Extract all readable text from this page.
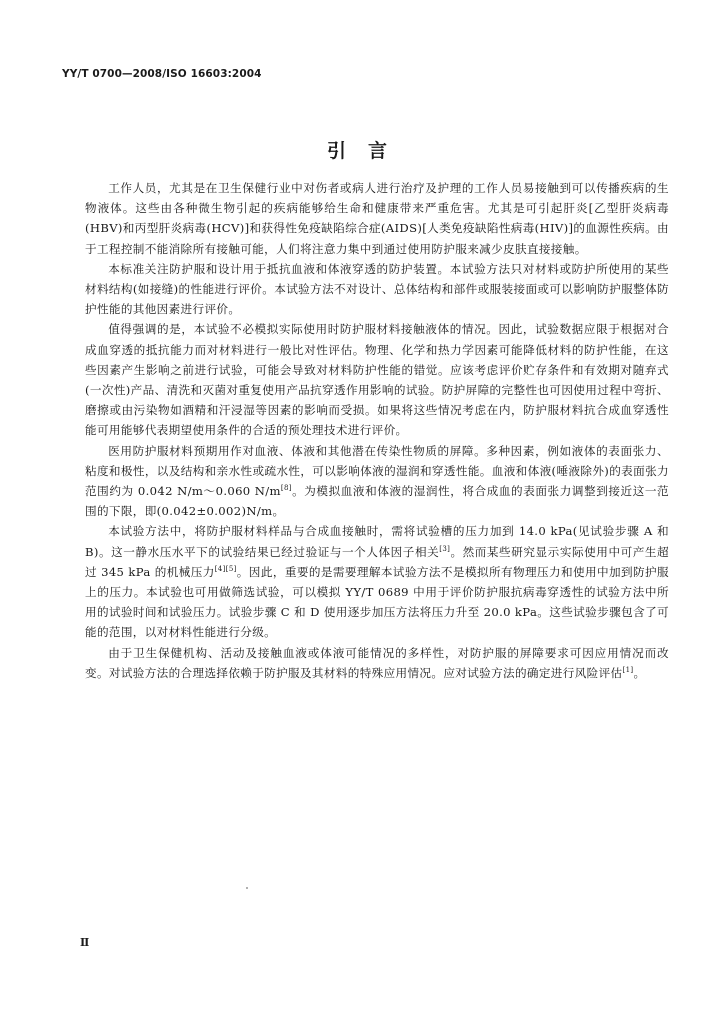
YY/T 0700—2008/ISO 16603:2004
引言

工作人员，尤其是在卫生保健行业中对伤者或病人进行治疗及护理的工作人员易接触到可以传播疾病的生物液体。这些由各种微生物引起的疾病能够给生命和健康带来严重危害。尤其是可引起肝炎[乙型肝炎病毒(HBV)和丙型肝炎病毒(HCV)]和获得性免疫缺陷综合症(AIDS)[人类免疫缺陷性病毒(HIV)]的血源性疾病。由于工程控制不能消除所有接触可能，人们将注意力集中到通过使用防护服来减少皮肤直接接触。

本标准关注防护服和设计用于抵抗血液和体液穿透的防护装置。本试验方法只对材料或防护所使用的某些材料结构(如接缝)的性能进行评价。本试验方法不对设计、总体结构和部件或服装接面或可以影响防护服整体防护性能的其他因素进行评价。

值得强调的是，本试验不必模拟实际使用时防护服材料接触液体的情况。因此，试验数据应限于根据对合成血穿透的抵抗能力而对材料进行一般比对性评估。物理、化学和热力学因素可能降低材料的防护性能，在这些因素产生影响之前进行试验，可能会导致对材料防护性能的错觉。应该考虑评价贮存条件和有效期对随弃式(一次性)产品、清洗和灭菌对重复使用产品抗穿透作用影响的试验。防护屏障的完整性也可因使用过程中弯折、磨擦或由污染物如酒精和汗浸湿等因素的影响而受损。如果将这些情况考虑在内，防护服材料抗合成血穿透性能可用能够代表期望使用条件的合适的预处理技术进行评价。

医用防护服材料预期用作对血液、体液和其他潜在传染性物质的屏障。多种因素，例如液体的表面张力、粘度和极性，以及结构和亲水性或疏水性，可以影响体液的湿润和穿透性能。血液和体液(唾液除外)的表面张力范围约为 0.042 N/m～0.060 N/m[8]。为模拟血液和体液的湿润性，将合成血的表面张力调整到接近这一范围的下限，即(0.042±0.002)N/m。

本试验方法中，将防护服材料样品与合成血接触时，需将试验槽的压力加到 14.0 kPa(见试验步骤 A 和 B)。这一静水压水平下的试验结果已经过验证与一个人体因子相关[3]。然而某些研究显示实际使用中可产生超过 345 kPa 的机械压力[4][5]。因此，重要的是需要理解本试验方法不是模拟所有物理压力和使用中加到防护服上的压力。本试验也可用做筛选试验，可以模拟 YY/T 0689 中用于评价防护服抗病毒穿透性的试验方法中所用的试验时间和试验压力。试验步骤 C 和 D 使用逐步加压方法将压力升至 20.0 kPa。这些试验步骤包含了可能的范围，以对材料性能进行分级。

由于卫生保健机构、活动及接触血液或体液可能情况的多样性，对防护服的屏障要求可因应用情况而改变。对试验方法的合理选择依赖于防护服及其材料的特殊应用情况。应对试验方法的确定进行风险评估[1]。

Ⅱ
